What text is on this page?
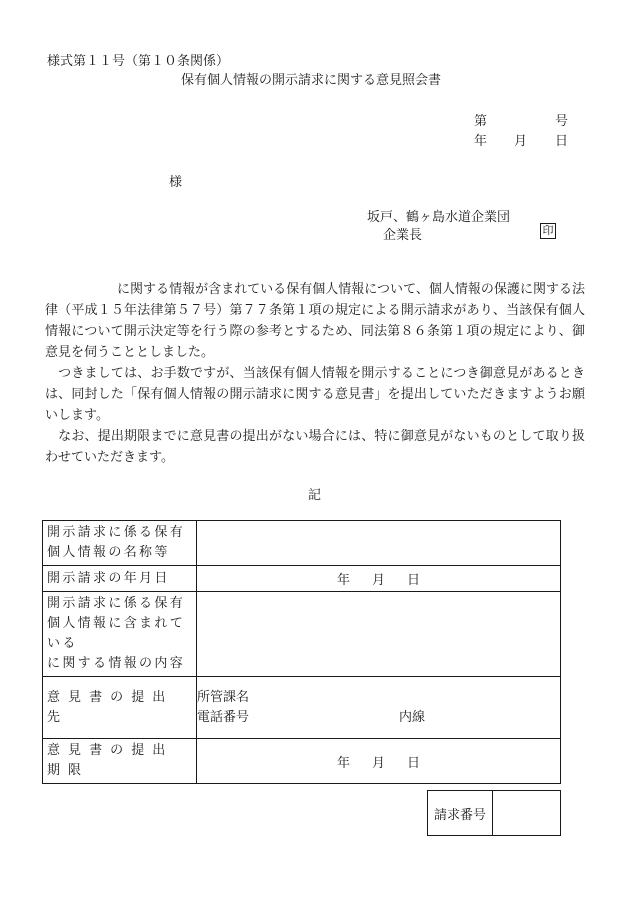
様式第１１号（第１０条関係）
保有個人情報の開示請求に関する意見照会書
第	号
年 月 日
様
坂戸、鶴ヶ島水道企業団
企業長	印

に関する情報が含まれている保有個人情報について、個人情報の保護に関する法律（平成１５年法律第５７号）第７７条第１項の規定による開示請求があり、当該保有個人情報について開示決定等を行う際の参考とするため、同法第８６条第１項の規定により、御意見を伺うこととしました。

つきましては、お手数ですが、当該保有個人情報を開示することにつき御意見があるときは、同封した「保有個人情報の開示請求に関する意見書」を提出していただきますようお願いします。

なお、提出期限までに意見書の提出がない場合には、特に御意見がないものとして取り扱わせていただきます。

記
開示請求に係る保有
個人情報の名称等	

開示請求の年月日	年 月 日

開示請求に係る保有
個人情報に含まれて
いる
に関する情報の内容	

意見書の提出先	所管課名
電話番号 内線

意見書の提出期限	年 月 日
請求番号	
